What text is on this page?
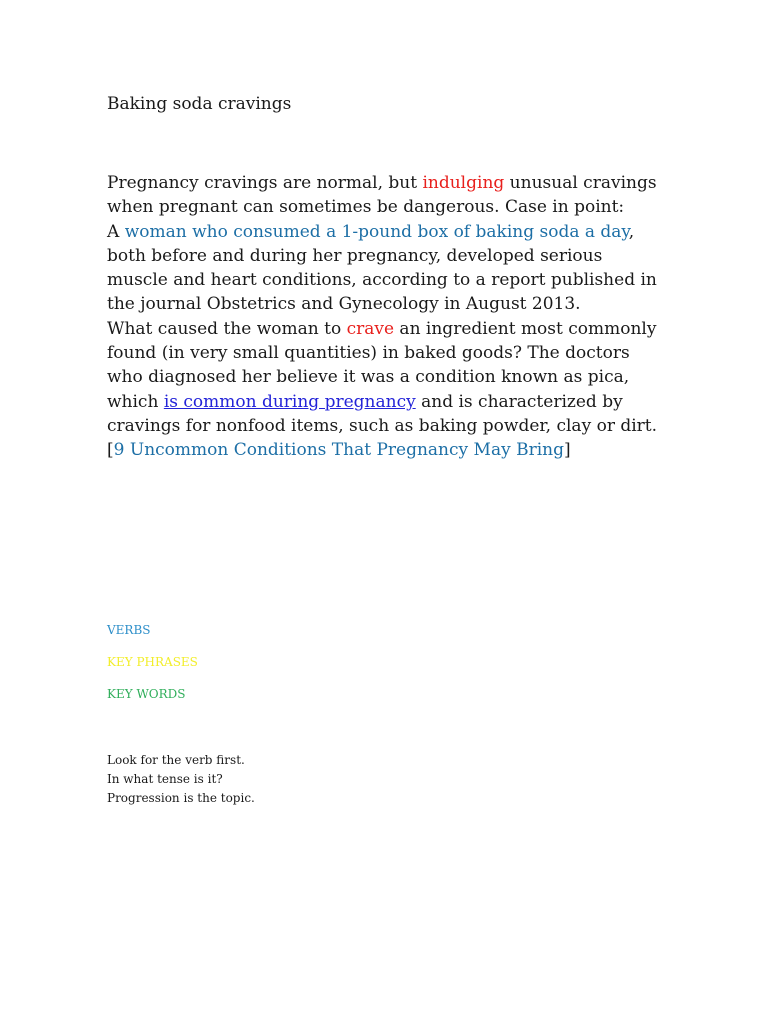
Baking soda cravings

Pregnancy cravings are normal, but indulging unusual cravings
when pregnant can sometimes be dangerous. Case in point:
A woman who consumed a 1-pound box of baking soda a day,
both before and during her pregnancy, developed serious
muscle and heart conditions, according to a report published in
the journal Obstetrics and Gynecology in August 2013.
What caused the woman to crave an ingredient most commonly
found (in very small quantities) in baked goods? The doctors
who diagnosed her believe it was a condition known as pica,
which is common during pregnancy and is characterized by
cravings for nonfood items, such as baking powder, clay or dirt.
[9 Uncommon Conditions That Pregnancy May Bring]

VERBS

KEY PHRASES

KEY WORDS

Look for the verb first.
In what tense is it?
Progression is the topic.
